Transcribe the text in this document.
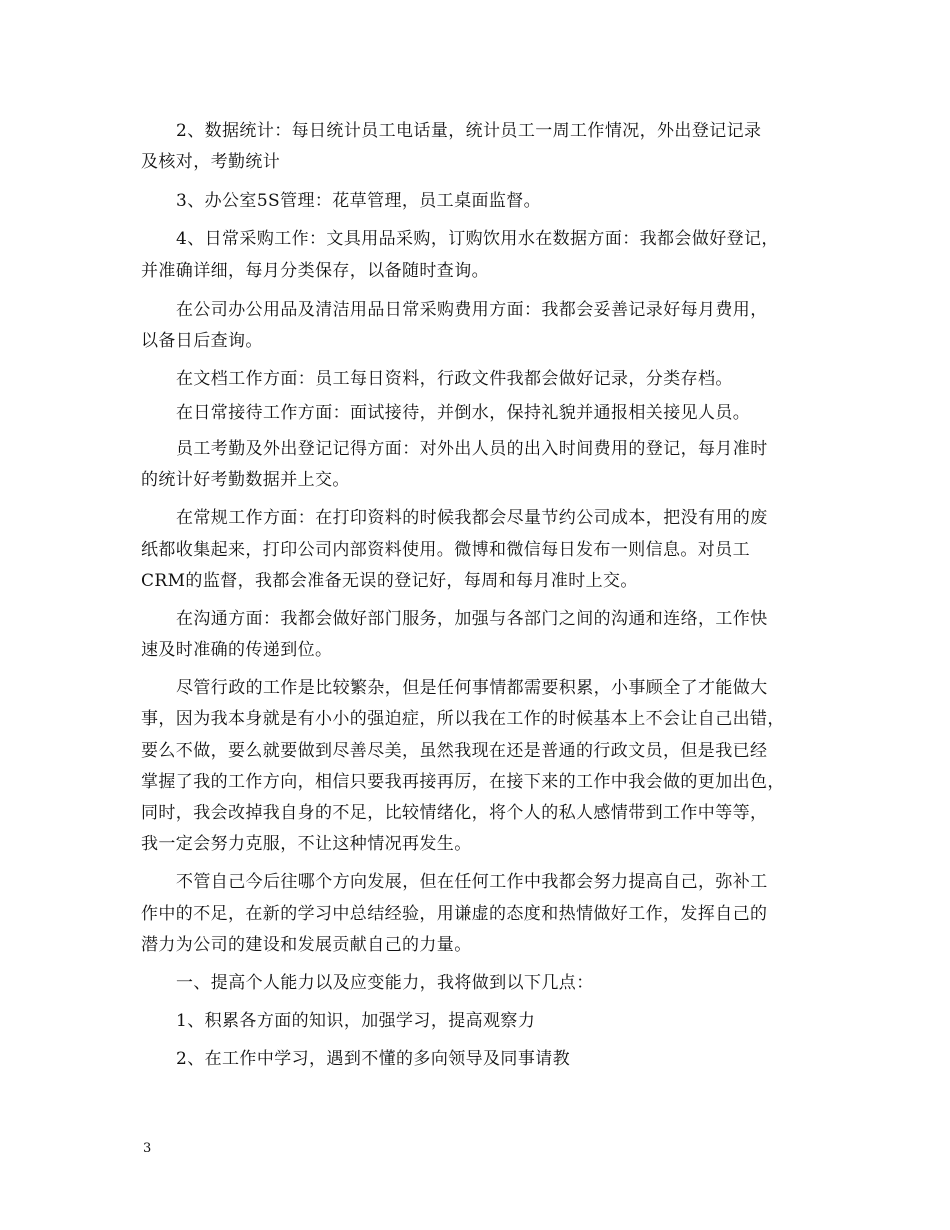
2、数据统计：每日统计员工电话量，统计员工一周工作情况，外出登记记录
及核对，考勤统计
3、办公室5S管理：花草管理，员工桌面监督。
4、日常采购工作：文具用品采购，订购饮用水在数据方面：我都会做好登记，
并准确详细，每月分类保存，以备随时查询。
在公司办公用品及清洁用品日常采购费用方面：我都会妥善记录好每月费用，
以备日后查询。
在文档工作方面：员工每日资料，行政文件我都会做好记录，分类存档。
在日常接待工作方面：面试接待，并倒水，保持礼貌并通报相关接见人员。
员工考勤及外出登记记得方面：对外出人员的出入时间费用的登记，每月准时
的统计好考勤数据并上交。
在常规工作方面：在打印资料的时候我都会尽量节约公司成本，把没有用的废
纸都收集起来，打印公司内部资料使用。微博和微信每日发布一则信息。对员工
CRM的监督，我都会准备无误的登记好，每周和每月准时上交。
在沟通方面：我都会做好部门服务，加强与各部门之间的沟通和连络，工作快
速及时准确的传递到位。
尽管行政的工作是比较繁杂，但是任何事情都需要积累，小事顾全了才能做大
事，因为我本身就是有小小的强迫症，所以我在工作的时候基本上不会让自己出错，
要么不做，要么就要做到尽善尽美，虽然我现在还是普通的行政文员，但是我已经
掌握了我的工作方向，相信只要我再接再厉，在接下来的工作中我会做的更加出色，
同时，我会改掉我自身的不足，比较情绪化，将个人的私人感情带到工作中等等，
我一定会努力克服，不让这种情况再发生。
不管自己今后往哪个方向发展，但在任何工作中我都会努力提高自己，弥补工
作中的不足，在新的学习中总结经验，用谦虚的态度和热情做好工作，发挥自己的
潜力为公司的建设和发展贡献自己的力量。
一、提高个人能力以及应变能力，我将做到以下几点：
1、积累各方面的知识，加强学习，提高观察力
2、在工作中学习，遇到不懂的多向领导及同事请教
3
